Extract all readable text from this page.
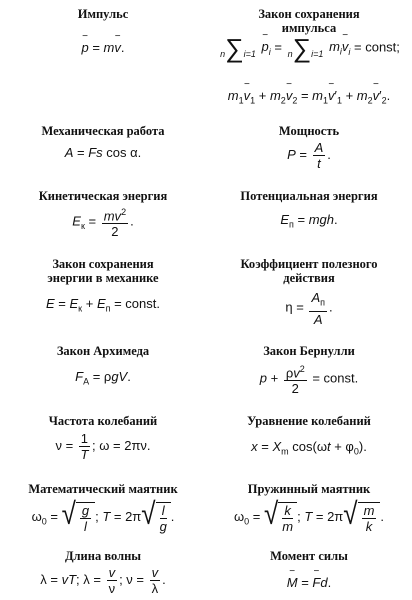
Импульс

p − = mv −.

Закон сохранения импульса

n∑i=1 $p -_i = n\sum i=1$ $m_iv -_i$ = const;
$m_1v -_1 + m_2v -_2 = m_1v -'_1 + m_2v -'_2$.

Механическая работа

A = Fs cos α.

Мощность

$P = \frac{A}{t}$ .

Кинетическая энергия

$E_к = \frac{mv^2}{2}$ .

Потенциальная энергия

$E_п$ = mgh.

Закон сохранения энергии в механике

$E = E_к + E_п$ = const.

Коэффициент полезного действия

η =
$A_п$
A
.

Закон Архимеда

$F_A = \rho gV$.

Закон Бернулли

$p + \frac{\rho v^2}{2}$ = const.

Частота колебаний

$\nu = \frac{1}{T}$ ; ω = 2πν.

Уравнение колебаний

$x = X_m$ $\cos(\omega t + \varphi_0)$.

Математический маятник

$\omega_0$ = √ $\frac{g}{l}$ ; T = 2π √ $\frac{l}{g}$ .

Пружинный маятник

$\omega_0$ = √ $\frac{k}{m}$ ; T = 2π √ $\frac{m}{k}$ .

Длина волны

λ = vT; $\lambda = \frac{v}{\nu}$ ; $\nu = \frac{v}{\lambda}$ .

Момент силы

M − = F −d.
